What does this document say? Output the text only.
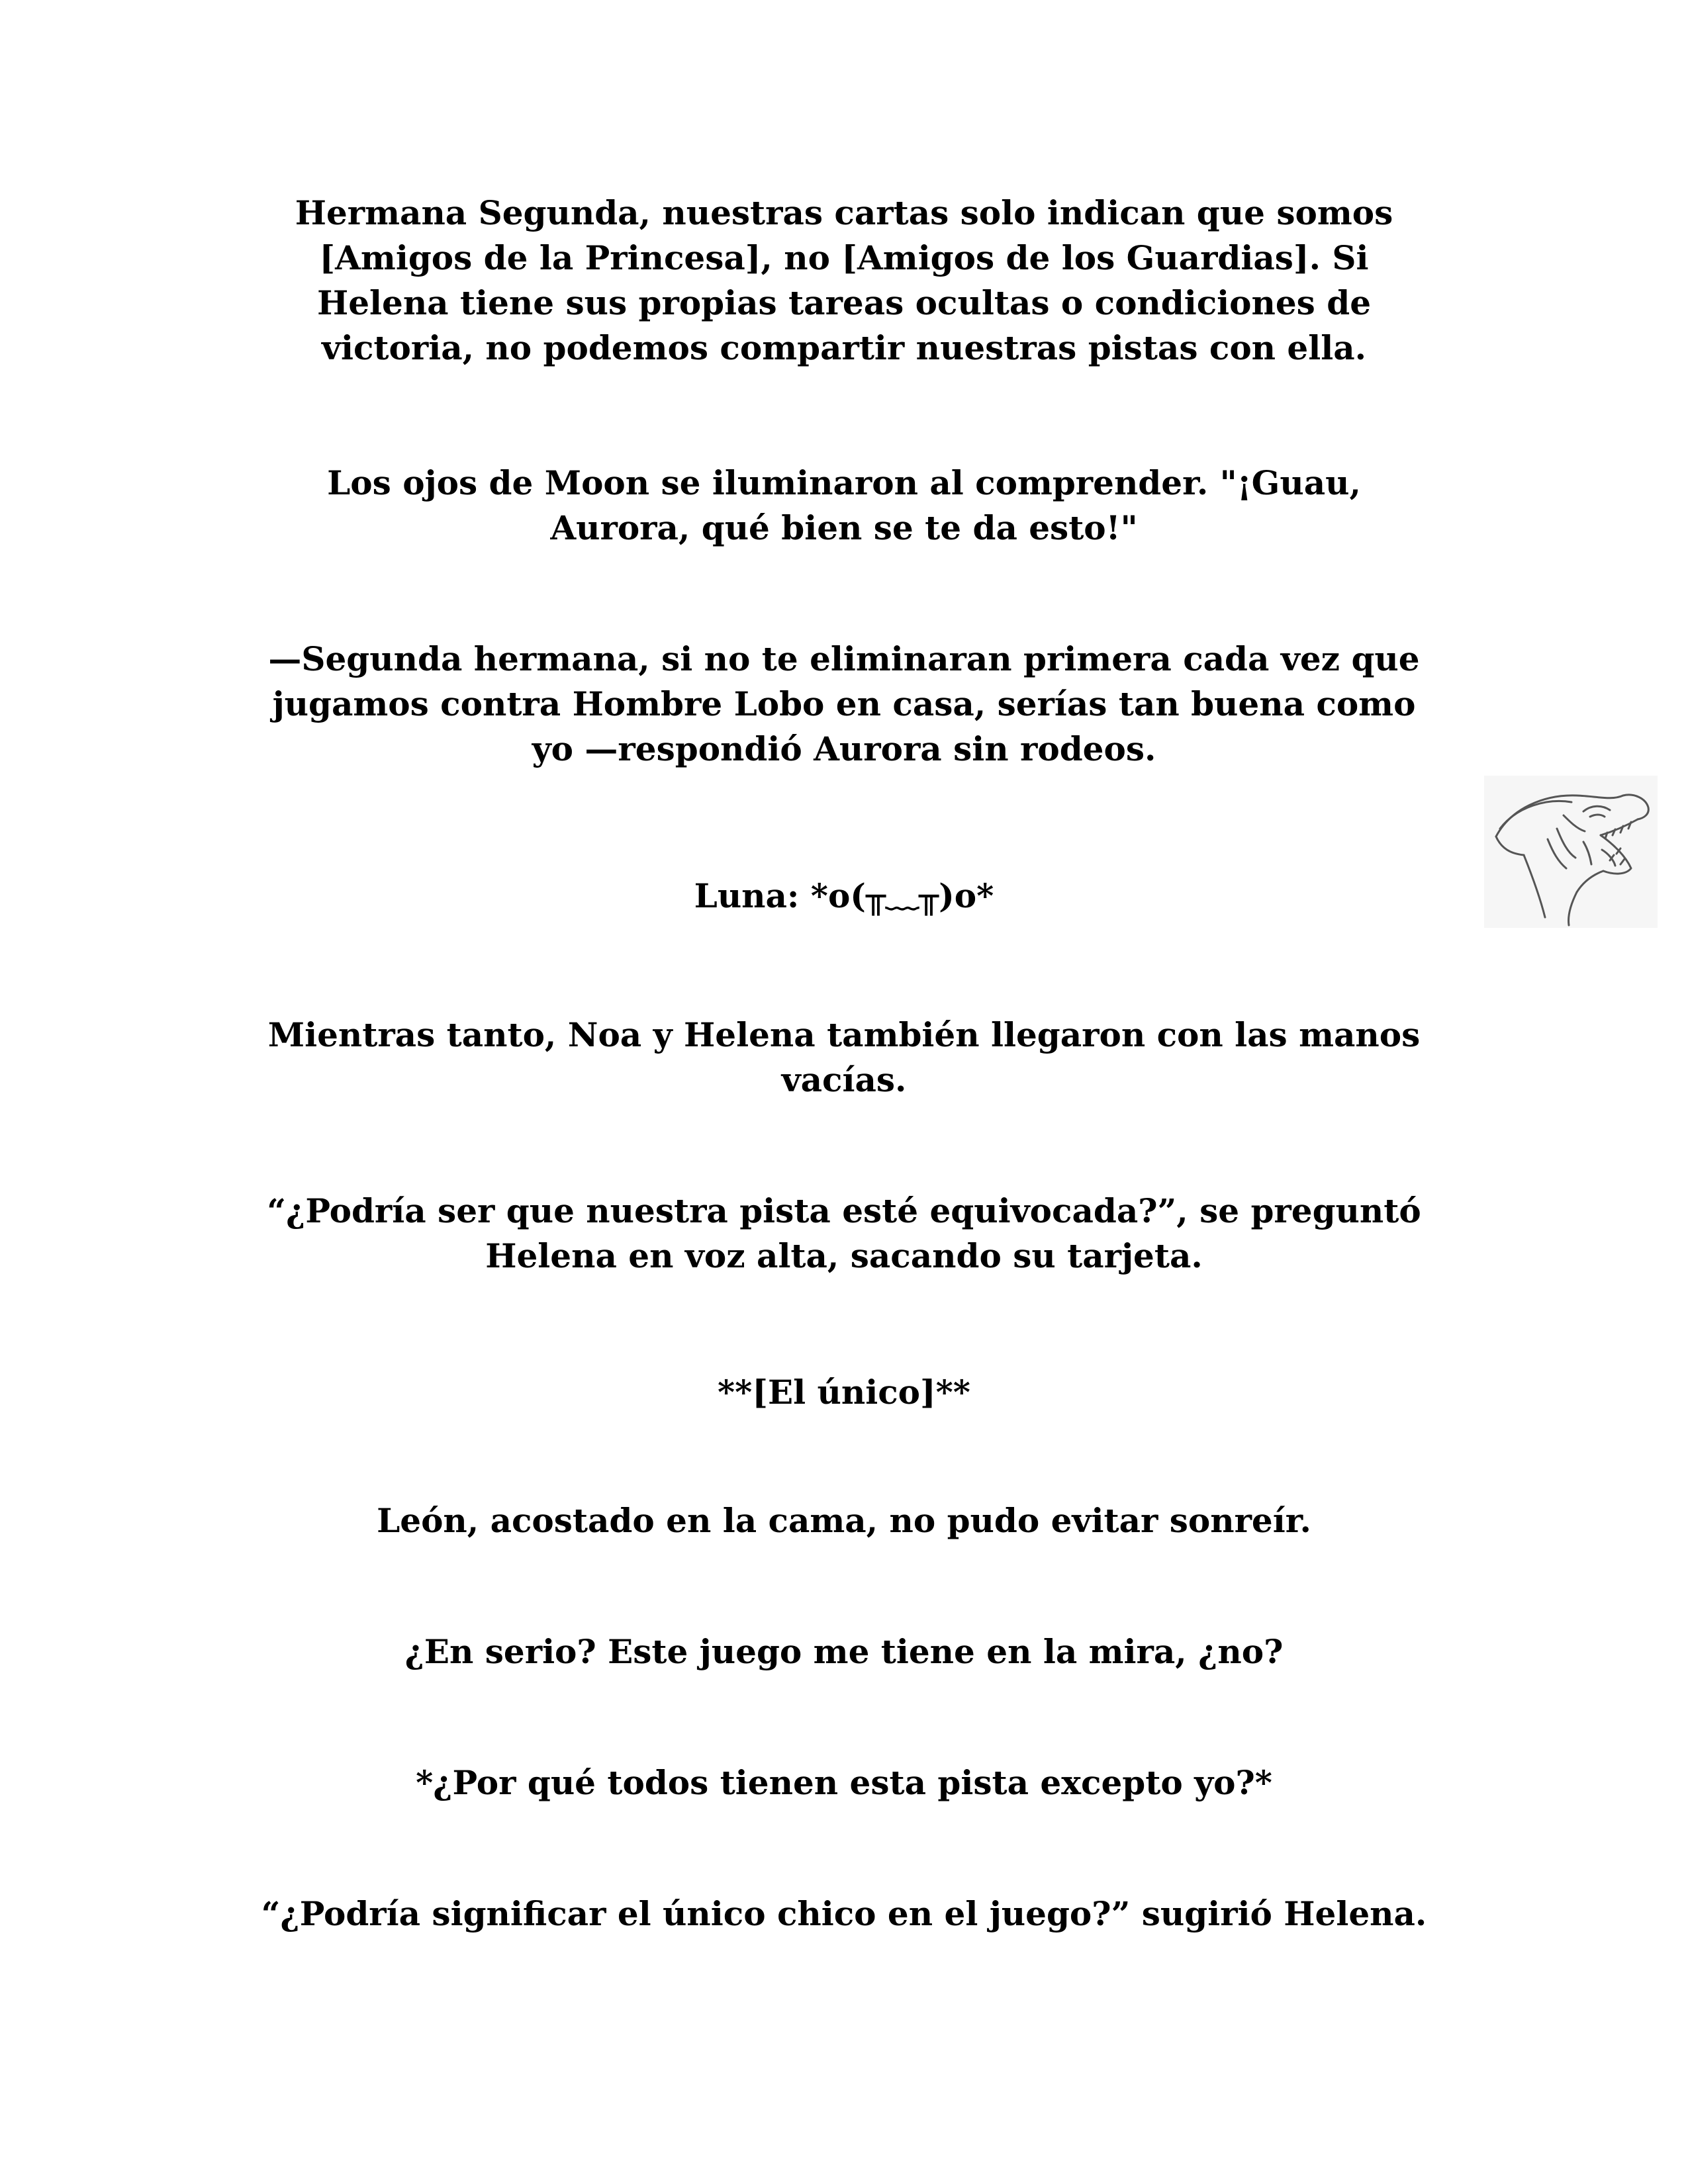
Hermana Segunda, nuestras cartas solo indican que somos
[Amigos de la Princesa], no [Amigos de los Guardias]. Si
Helena tiene sus propias tareas ocultas o condiciones de
victoria, no podemos compartir nuestras pistas con ella.

Los ojos de Moon se iluminaron al comprender. "¡Guau,
Aurora, qué bien se te da esto!"

—Segunda hermana, si no te eliminaran primera cada vez que
jugamos contra Hombre Lobo en casa, serías tan buena como
yo —respondió Aurora sin rodeos.

Luna: *o(╥﹏╥)o*

Mientras tanto, Noa y Helena también llegaron con las manos
vacías.

“¿Podría ser que nuestra pista esté equivocada?”, se preguntó
Helena en voz alta, sacando su tarjeta.

**[El único]**

León, acostado en la cama, no pudo evitar sonreír.

¿En serio? Este juego me tiene en la mira, ¿no?

*¿Por qué todos tienen esta pista excepto yo?*

“¿Podría significar el único chico en el juego?” sugirió Helena.
